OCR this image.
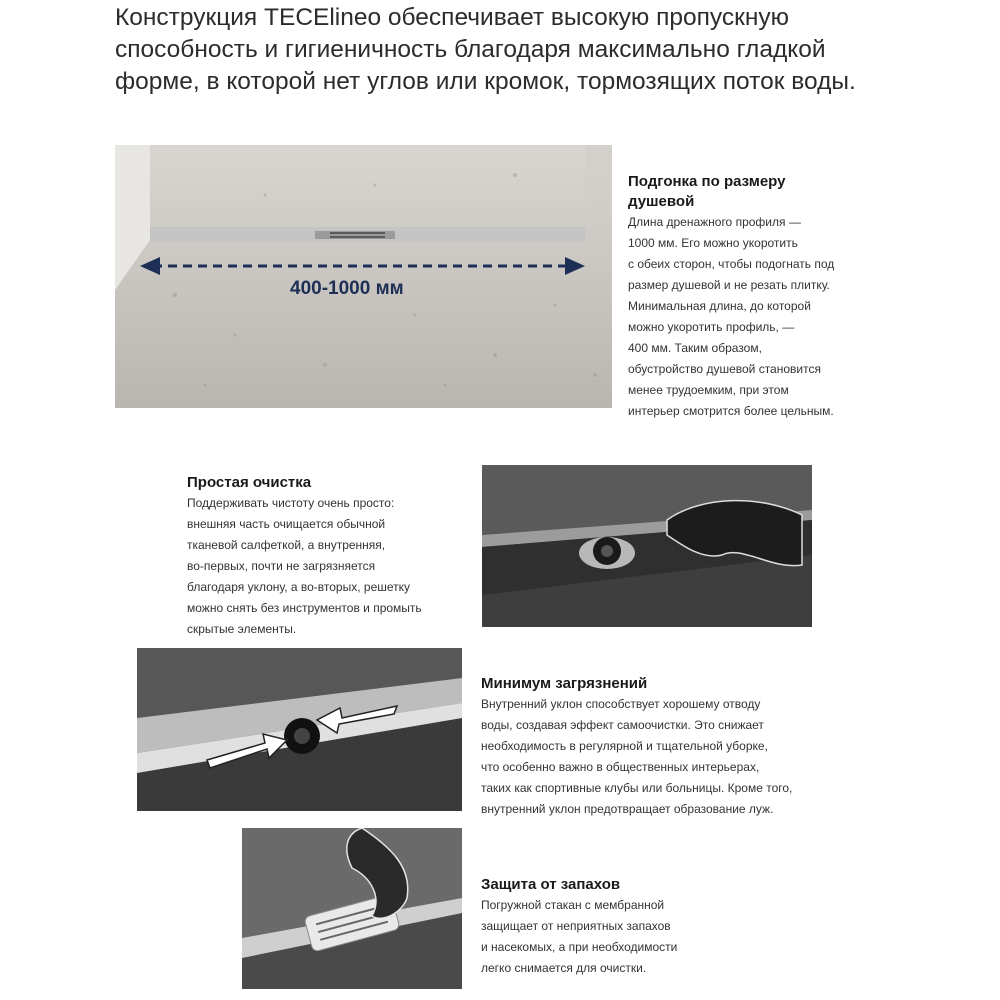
Конструкция TECElineo обеспечивает высокую пропускную способность и гигиеничность благодаря максимально гладкой форме, в которой нет углов или кромок, тормозящих поток воды.
400-1000 мм
Подгонка по размеру
душевой
Длина дренажного профиля —
1000 мм. Его можно укоротить
с обеих сторон, чтобы подогнать под
размер душевой и не резать плитку.
Минимальная длина, до которой
можно укоротить профиль, —
400 мм. Таким образом,
обустройство душевой становится
менее трудоемким, при этом
интерьер смотрится более цельным.
Простая очистка
Поддерживать чистоту очень просто:
внешняя часть очищается обычной
тканевой салфеткой, а внутренняя,
во-первых, почти не загрязняется
благодаря уклону, а во-вторых, решетку
можно снять без инструментов и промыть
скрытые элементы.
Минимум загрязнений
Внутренний уклон способствует хорошему отводу
воды, создавая эффект самоочистки. Это снижает
необходимость в регулярной и тщательной уборке,
что особенно важно в общественных интерьерах,
таких как спортивные клубы или больницы. Кроме того,
внутренний уклон предотвращает образование луж.
Защита от запахов
Погружной стакан с мембранной
защищает от неприятных запахов
и насекомых, а при необходимости
легко снимается для очистки.
